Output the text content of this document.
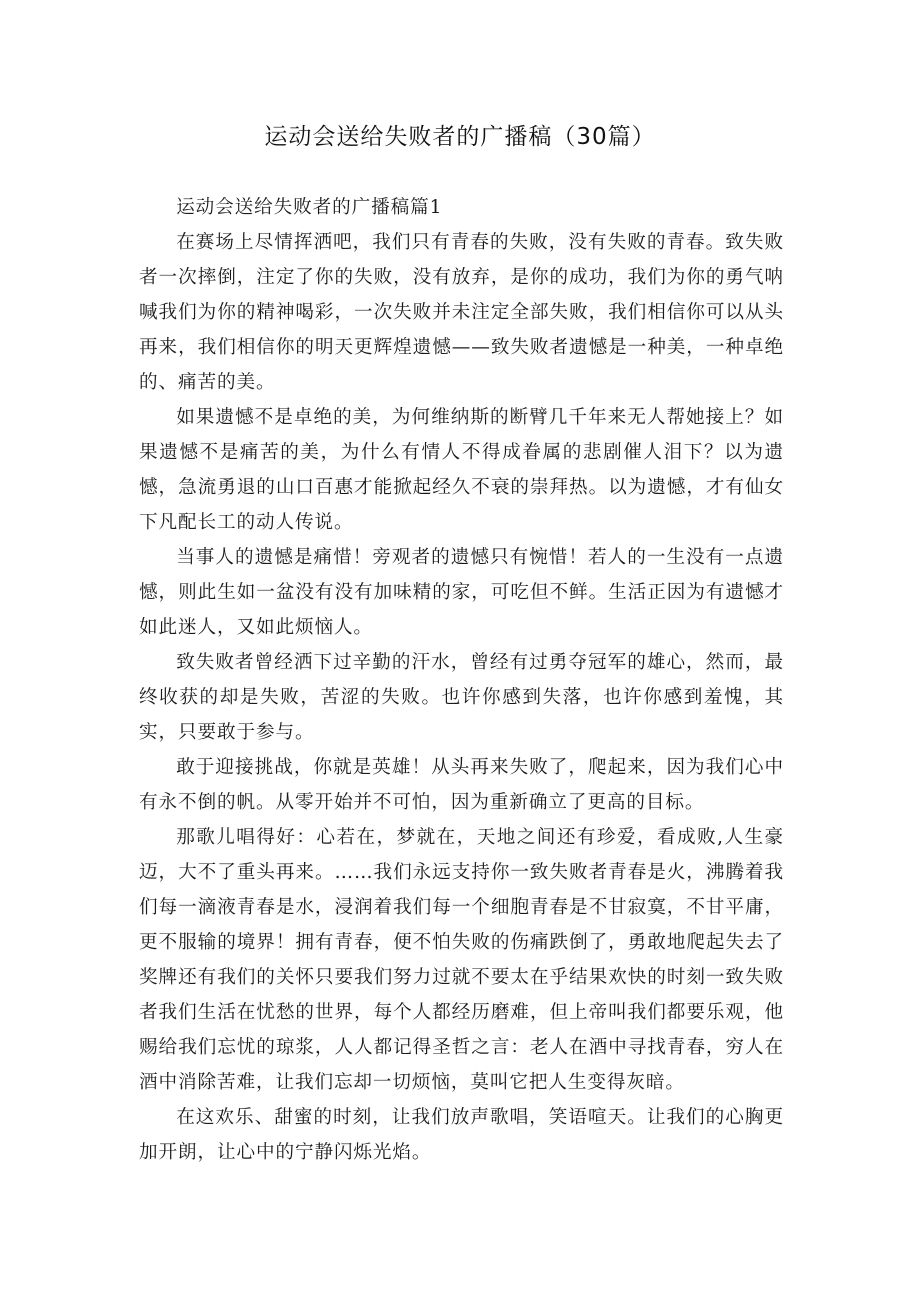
运动会送给失败者的广播稿（30篇）

运动会送给失败者的广播稿篇1

在赛场上尽情挥洒吧，我们只有青春的失败，没有失败的青春。致失败者一次摔倒，注定了你的失败，没有放弃，是你的成功，我们为你的勇气呐喊我们为你的精神喝彩，一次失败并未注定全部失败，我们相信你可以从头再来，我们相信你的明天更辉煌遗憾——致失败者遗憾是一种美，一种卓绝的、痛苦的美。

如果遗憾不是卓绝的美，为何维纳斯的断臂几千年来无人帮她接上？如果遗憾不是痛苦的美，为什么有情人不得成眷属的悲剧催人泪下？以为遗憾，急流勇退的山口百惠才能掀起经久不衰的崇拜热。以为遗憾，才有仙女下凡配长工的动人传说。

当事人的遗憾是痛惜！旁观者的遗憾只有惋惜！若人的一生没有一点遗憾，则此生如一盆没有没有加味精的家，可吃但不鲜。生活正因为有遗憾才如此迷人，又如此烦恼人。

致失败者曾经洒下过辛勤的汗水，曾经有过勇夺冠军的雄心，然而，最终收获的却是失败，苦涩的失败。也许你感到失落，也许你感到羞愧，其实，只要敢于参与。

敢于迎接挑战，你就是英雄！从头再来失败了，爬起来，因为我们心中有永不倒的帆。从零开始并不可怕，因为重新确立了更高的目标。

那歌儿唱得好：心若在，梦就在，天地之间还有珍爱，看成败,人生豪迈，大不了重头再来。……我们永远支持你一致失败者青春是火，沸腾着我们每一滴液青春是水，浸润着我们每一个细胞青春是不甘寂寞，不甘平庸，更不服输的境界！拥有青春，便不怕失败的伤痛跌倒了，勇敢地爬起失去了奖牌还有我们的关怀只要我们努力过就不要太在乎结果欢快的时刻一致失败者我们生活在忧愁的世界，每个人都经历磨难，但上帝叫我们都要乐观，他赐给我们忘忧的琼浆，人人都记得圣哲之言：老人在酒中寻找青春，穷人在酒中消除苦难，让我们忘却一切烦恼，莫叫它把人生变得灰暗。

在这欢乐、甜蜜的时刻，让我们放声歌唱，笑语喧天。让我们的心胸更加开朗，让心中的宁静闪烁光焰。
